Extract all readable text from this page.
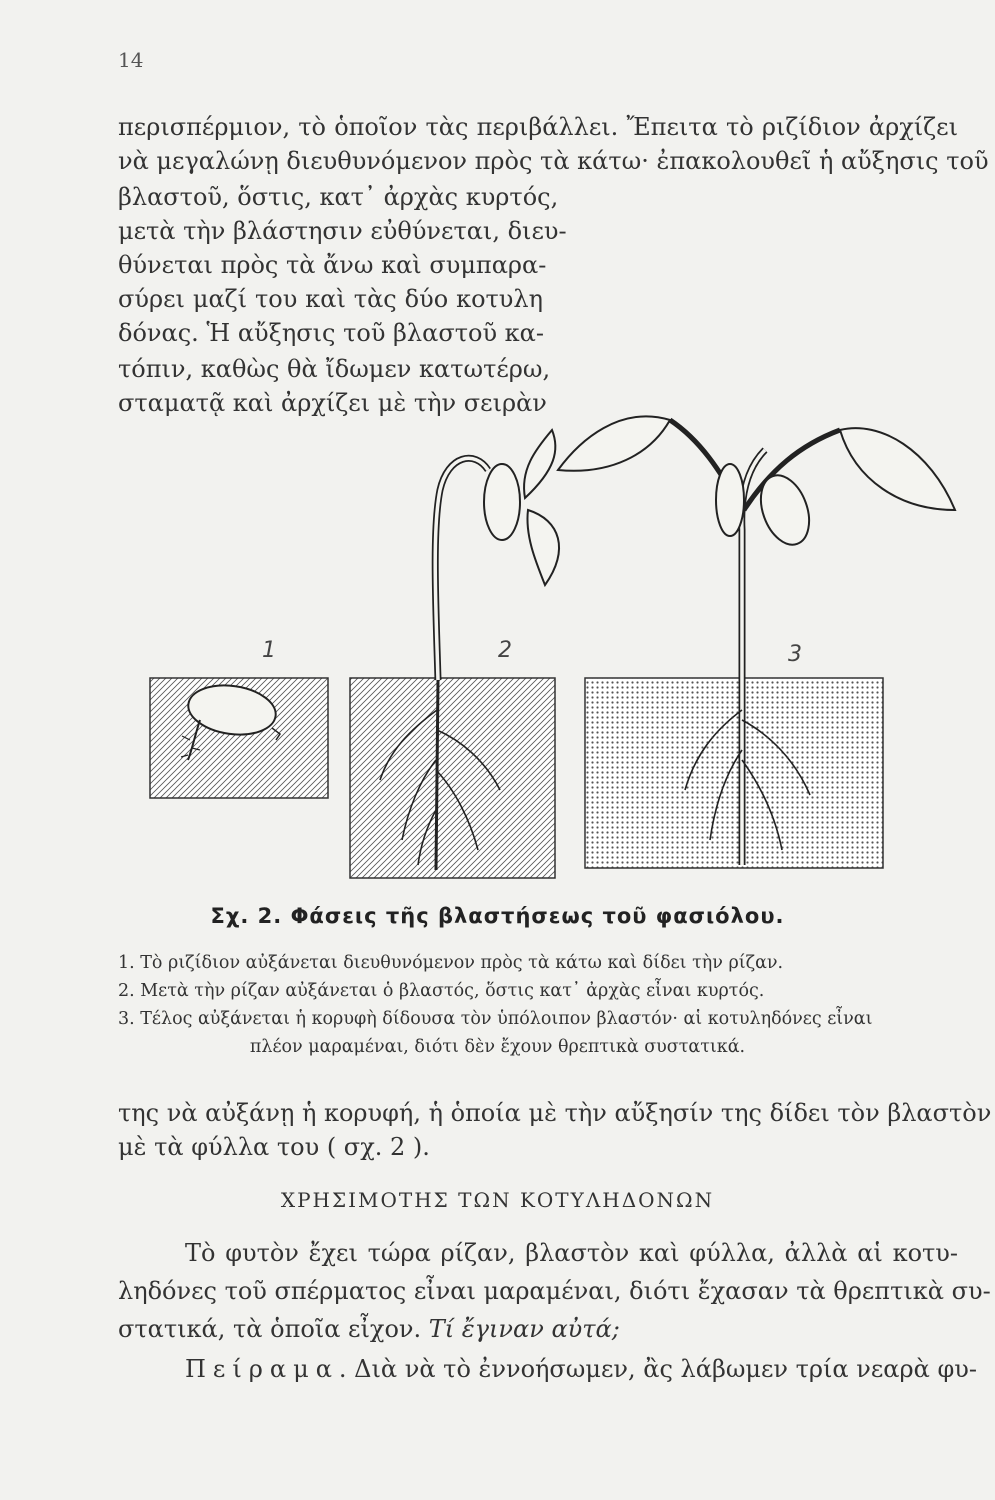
14
περισπέρμιον, τὸ ὁποῖον τὰς περιβάλλει. Ἔπειτα τὸ ριζίδιον ἀρχίζει
νὰ μεγαλώνῃ διευθυνόμενον πρὸς τὰ κάτω· ἐπακολουθεῖ ἡ αὔξησις τοῦ
βλαστοῦ, ὅστις, κατ᾽ ἀρχὰς κυρτός,
μετὰ τὴν βλάστησιν εὐθύνεται, διευ-
θύνεται πρὸς τὰ ἄνω καὶ συμπαρα-
σύρει μαζί του καὶ τὰς δύο κοτυλη
δόνας. Ἡ αὔξησις τοῦ βλαστοῦ κα-
τόπιν, καθὼς θὰ ἴδωμεν κατωτέρω,
σταματᾷ καὶ ἀρχίζει μὲ τὴν σειρὰν
1	2	3
Σχ. 2. Φάσεις τῆς βλαστήσεως τοῦ φασιόλου.
1. Τὸ ριζίδιον αὐξάνεται διευθυνόμενον πρὸς τὰ κάτω καὶ δίδει τὴν ρίζαν.
2. Μετὰ τὴν ρίζαν αὐξάνεται ὁ βλαστός, ὅστις κατ᾽ ἀρχὰς εἶναι κυρτός.
3. Τέλος αὐξάνεται ἡ κορυφὴ δίδουσα τὸν ὑπόλοιπον βλαστόν· αἱ κοτυληδόνες εἶναι
πλέον μαραμέναι, διότι δὲν ἔχουν θρεπτικὰ συστατικά.
της νὰ αὐξάνῃ ἡ κορυφή, ἡ ὁποία μὲ τὴν αὔξησίν της δίδει τὸν βλαστὸν
μὲ τὰ φύλλα του ( σχ. 2 ).
ΧΡΗΣΙΜΟΤΗΣ ΤΩΝ ΚΟΤΥΛΗΔΟΝΩΝ
Τὸ φυτὸν ἔχει τώρα ρίζαν, βλαστὸν καὶ φύλλα, ἀλλὰ αἱ κοτυ-
ληδόνες τοῦ σπέρματος εἶναι μαραμέναι, διότι ἔχασαν τὰ θρεπτικὰ συ-
στατικά, τὰ ὁποῖα εἶχον. Τί ἔγιναν αὐτά;
Πείραμα. Διὰ νὰ τὸ ἐννοήσωμεν, ἂς λάβωμεν τρία νεαρὰ φυ-
